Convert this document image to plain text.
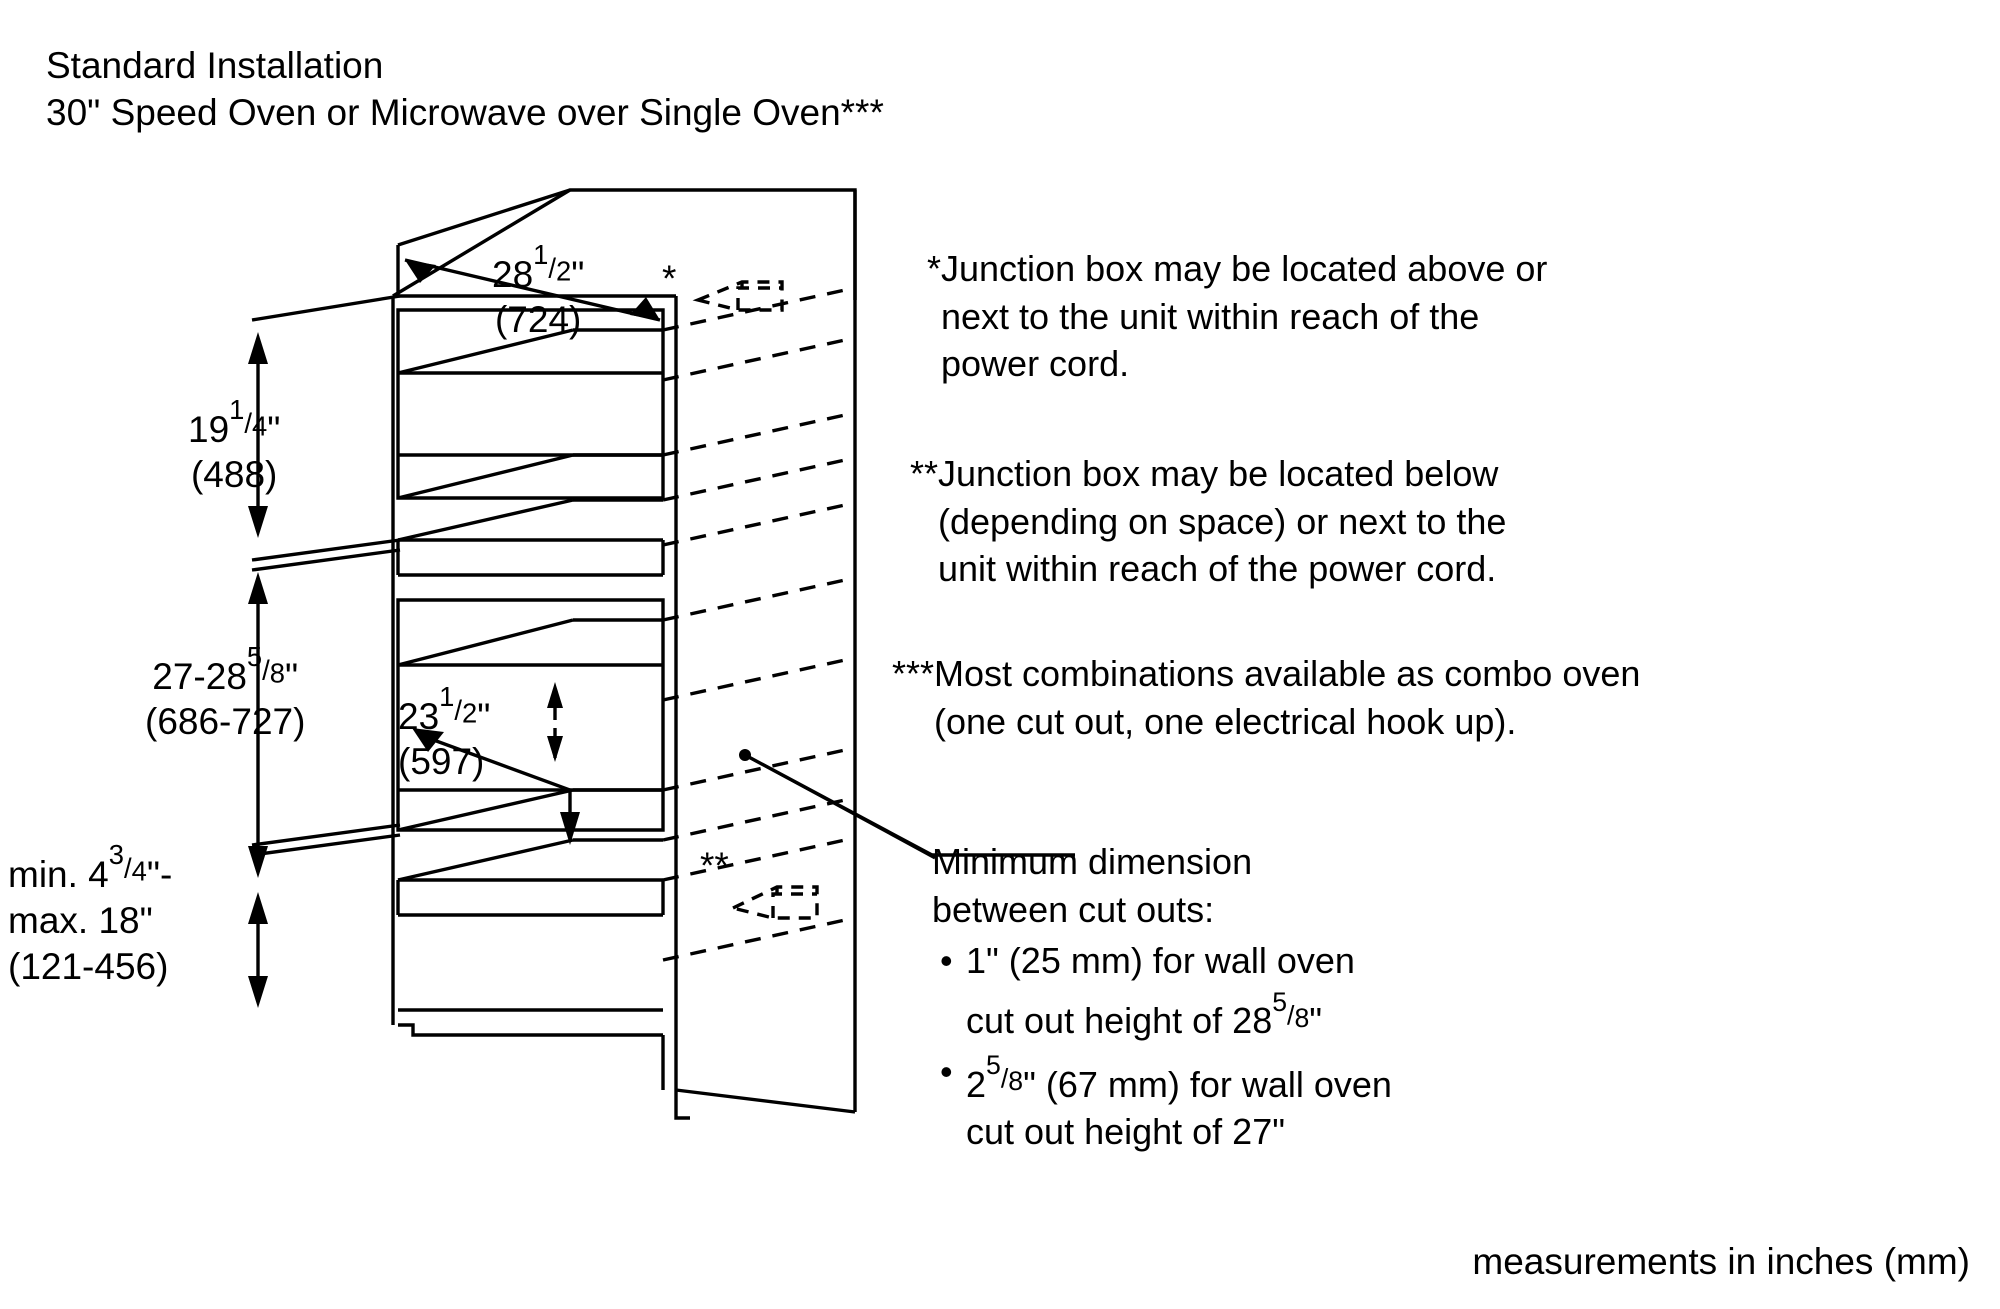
Standard Installation
30" Speed Oven or Microwave over Single Oven***
281/2"
(724)
191/4"
(488)
27-285/8"
(686-727)	231/2"
(597)
min. 43/4"-
max. 18"
(121-456)
*
**
*Junction box may be located above or
next to the unit within reach of the
power cord.
**Junction box may be located below
(depending on space) or next to the
unit within reach of the power cord.
***Most combinations available as combo oven
(one cut out, one electrical hook up).
Minimum dimension
between cut outs:
• 1" (25 mm) for wall oven
cut out height of 285/8"
• 25/8" (67 mm) for wall oven
cut out height of 27"
measurements in inches (mm)
